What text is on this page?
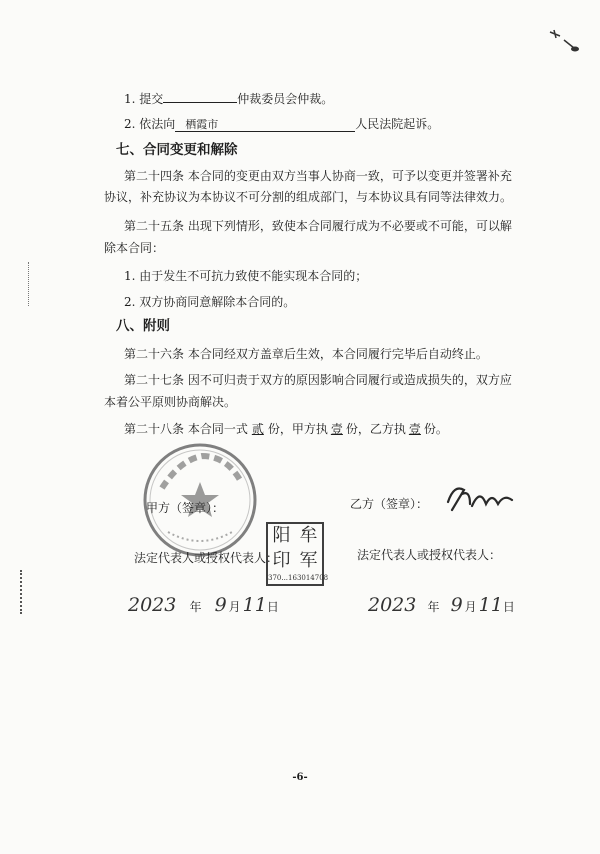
1. 提交	仲裁委员会仲裁。
2. 依法向 栖霞市	人民法院起诉。
七、合同变更和解除
第二十四条 本合同的变更由双方当事人协商一致，可予以变更并签署补充
协议，补充协议为本协议不可分割的组成部门，与本协议具有同等法律效力。
第二十五条 出现下列情形，致使本合同履行成为不必要或不可能，可以解
除本合同：
1. 由于发生不可抗力致使不能实现本合同的；
2. 双方协商同意解除本合同的。
八、附则
第二十六条 本合同经双方盖章后生效，本合同履行完毕后自动终止。
第二十七条 因不可归责于双方的原因影响合同履行或造成损失的，双方应
本着公平原则协商解决。
第二十八条 本合同一式 贰 份，甲方执 壹 份，乙方执 壹 份。
甲方（签章）：	乙方（签章）：
法定代表人或授权代表人：	法定代表人或授权代表人：
阳 牟
印 军
370...163014708
2023 年 9 月 11日	2023 年 9 月 11日
-6-
